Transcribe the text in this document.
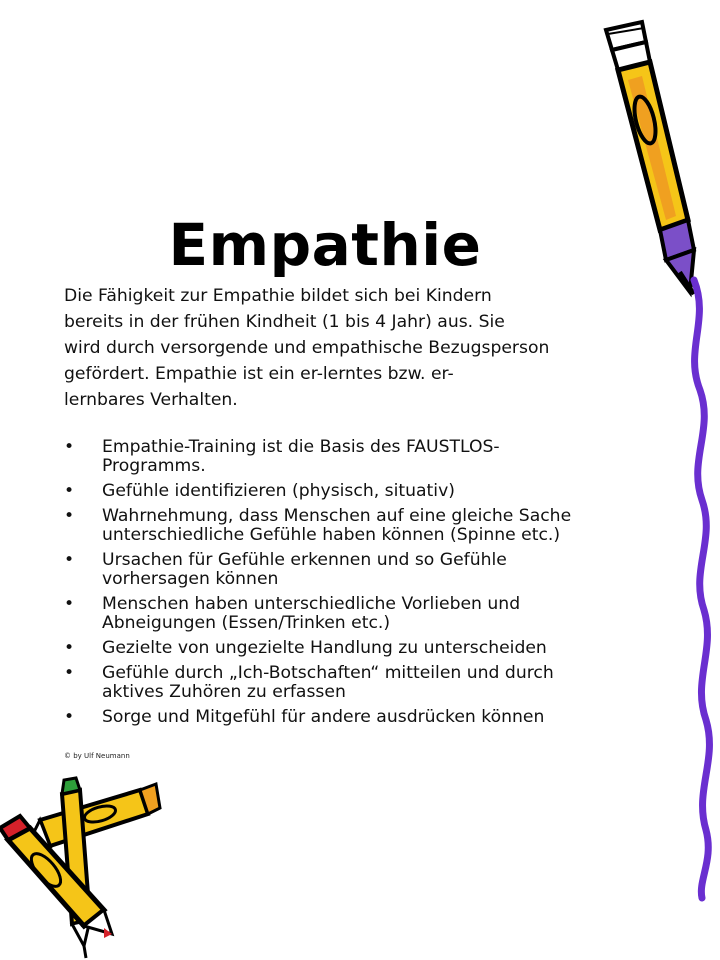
Empathie
Die Fähigkeit zur Empathie bildet sich bei Kindern
bereits in der frühen Kindheit (1 bis 4 Jahr) aus. Sie
wird durch versorgende und empathische Bezugsperson
gefördert. Empathie ist ein er-lerntes bzw. er-
lernbares Verhalten.
•	Empathie-Training ist die Basis des FAUSTLOS-
Programms.
•	Gefühle identifizieren (physisch, situativ)
•	Wahrnehmung, dass Menschen auf eine gleiche Sache
unterschiedliche Gefühle haben können (Spinne etc.)
•	Ursachen für Gefühle erkennen und so Gefühle
vorhersagen können
•	Menschen haben unterschiedliche Vorlieben und
Abneigungen (Essen/Trinken etc.)
•	Gezielte von ungezielte Handlung zu unterscheiden
•	Gefühle durch „Ich-Botschaften“ mitteilen und durch
aktives Zuhören zu erfassen
•	Sorge und Mitgefühl für andere ausdrücken können
© by Ulf Neumann
